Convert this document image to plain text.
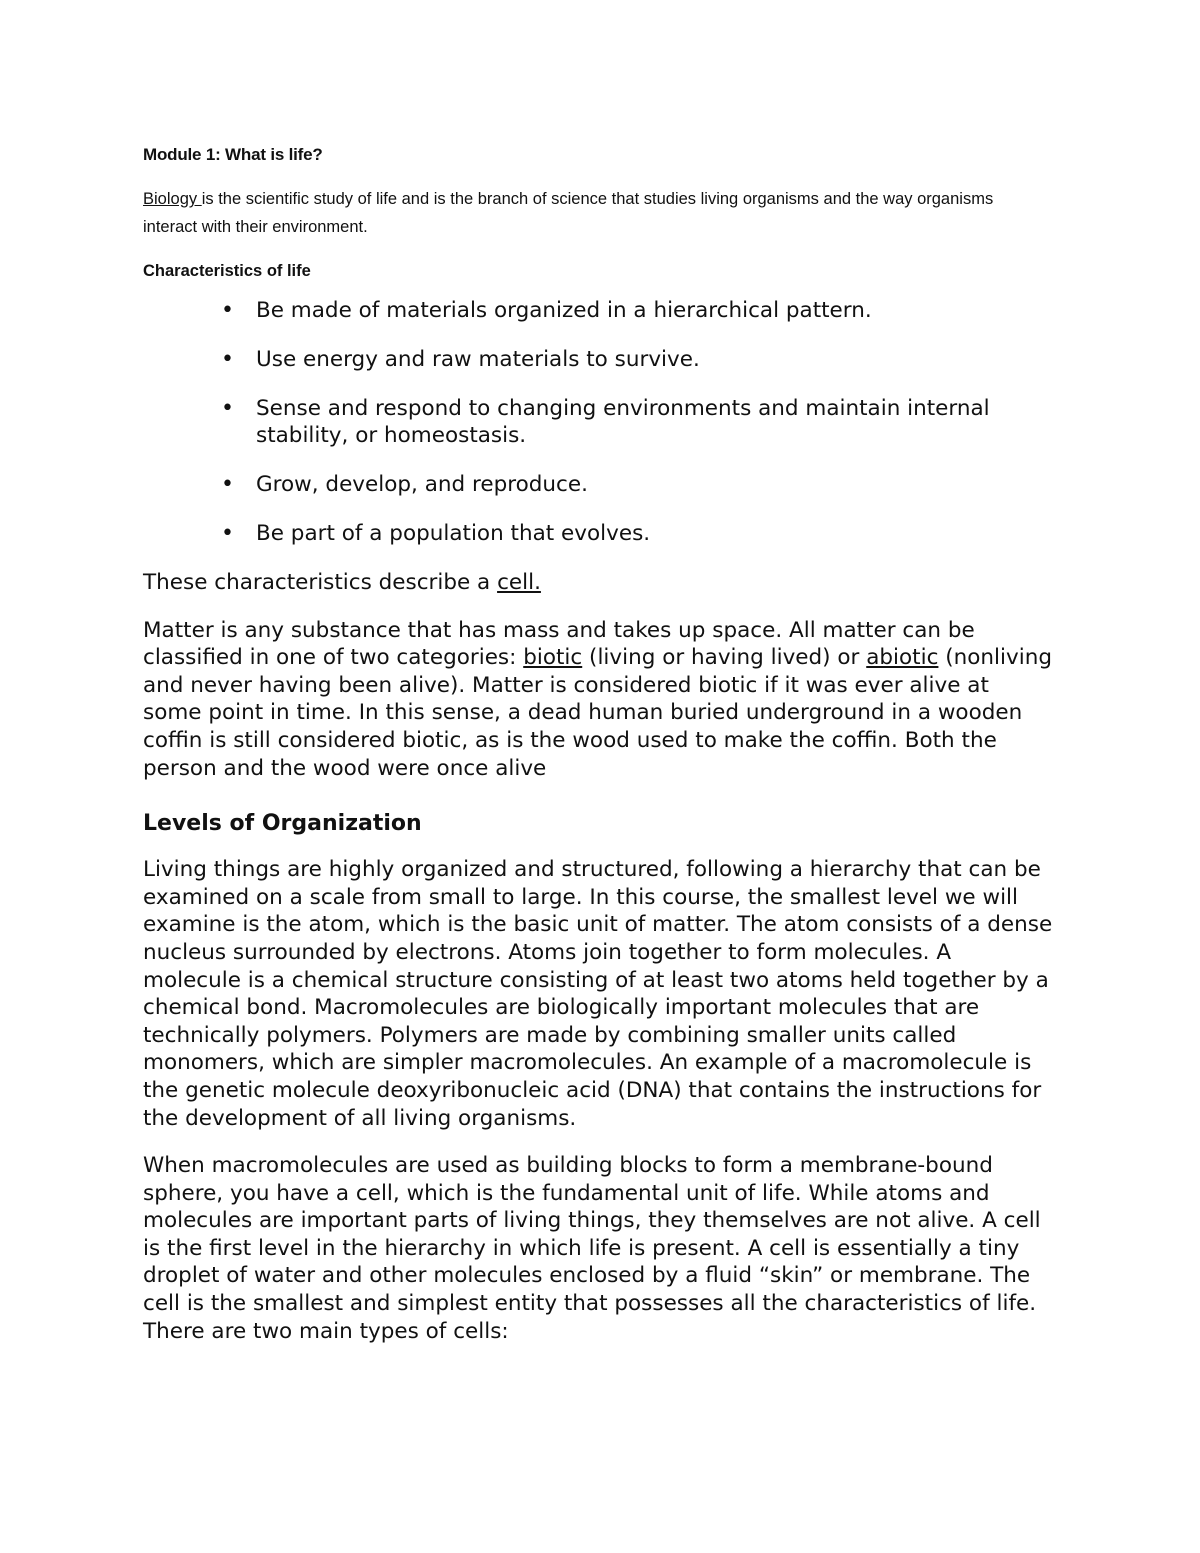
Module 1: What is life?

Biology is the scientific study of life and is the branch of science that studies living organisms and the way organisms interact with their environment.

Characteristics of life
• Be made of materials organized in a hierarchical pattern.
• Use energy and raw materials to survive.
• Sense and respond to changing environments and maintain internal stability, or homeostasis.
• Grow, develop, and reproduce.
• Be part of a population that evolves.

These characteristics describe a cell.

Matter is any substance that has mass and takes up space. All matter can be classified in one of two categories: biotic (living or having lived) or abiotic (nonliving and never having been alive). Matter is considered biotic if it was ever alive at some point in time. In this sense, a dead human buried underground in a wooden coffin is still considered biotic, as is the wood used to make the coffin. Both the person and the wood were once alive

Levels of Organization

Living things are highly organized and structured, following a hierarchy that can be examined on a scale from small to large. In this course, the smallest level we will examine is the atom, which is the basic unit of matter. The atom consists of a dense nucleus surrounded by electrons. Atoms join together to form molecules. A molecule is a chemical structure consisting of at least two atoms held together by a chemical bond. Macromolecules are biologically important molecules that are technically polymers. Polymers are made by combining smaller units called monomers, which are simpler macromolecules. An example of a macromolecule is the genetic molecule deoxyribonucleic acid (DNA) that contains the instructions for the development of all living organisms.

When macromolecules are used as building blocks to form a membrane-bound sphere, you have a cell, which is the fundamental unit of life. While atoms and molecules are important parts of living things, they themselves are not alive. A cell is the first level in the hierarchy in which life is present. A cell is essentially a tiny droplet of water and other molecules enclosed by a fluid “skin” or membrane. The cell is the smallest and simplest entity that possesses all the characteristics of life. There are two main types of cells:
